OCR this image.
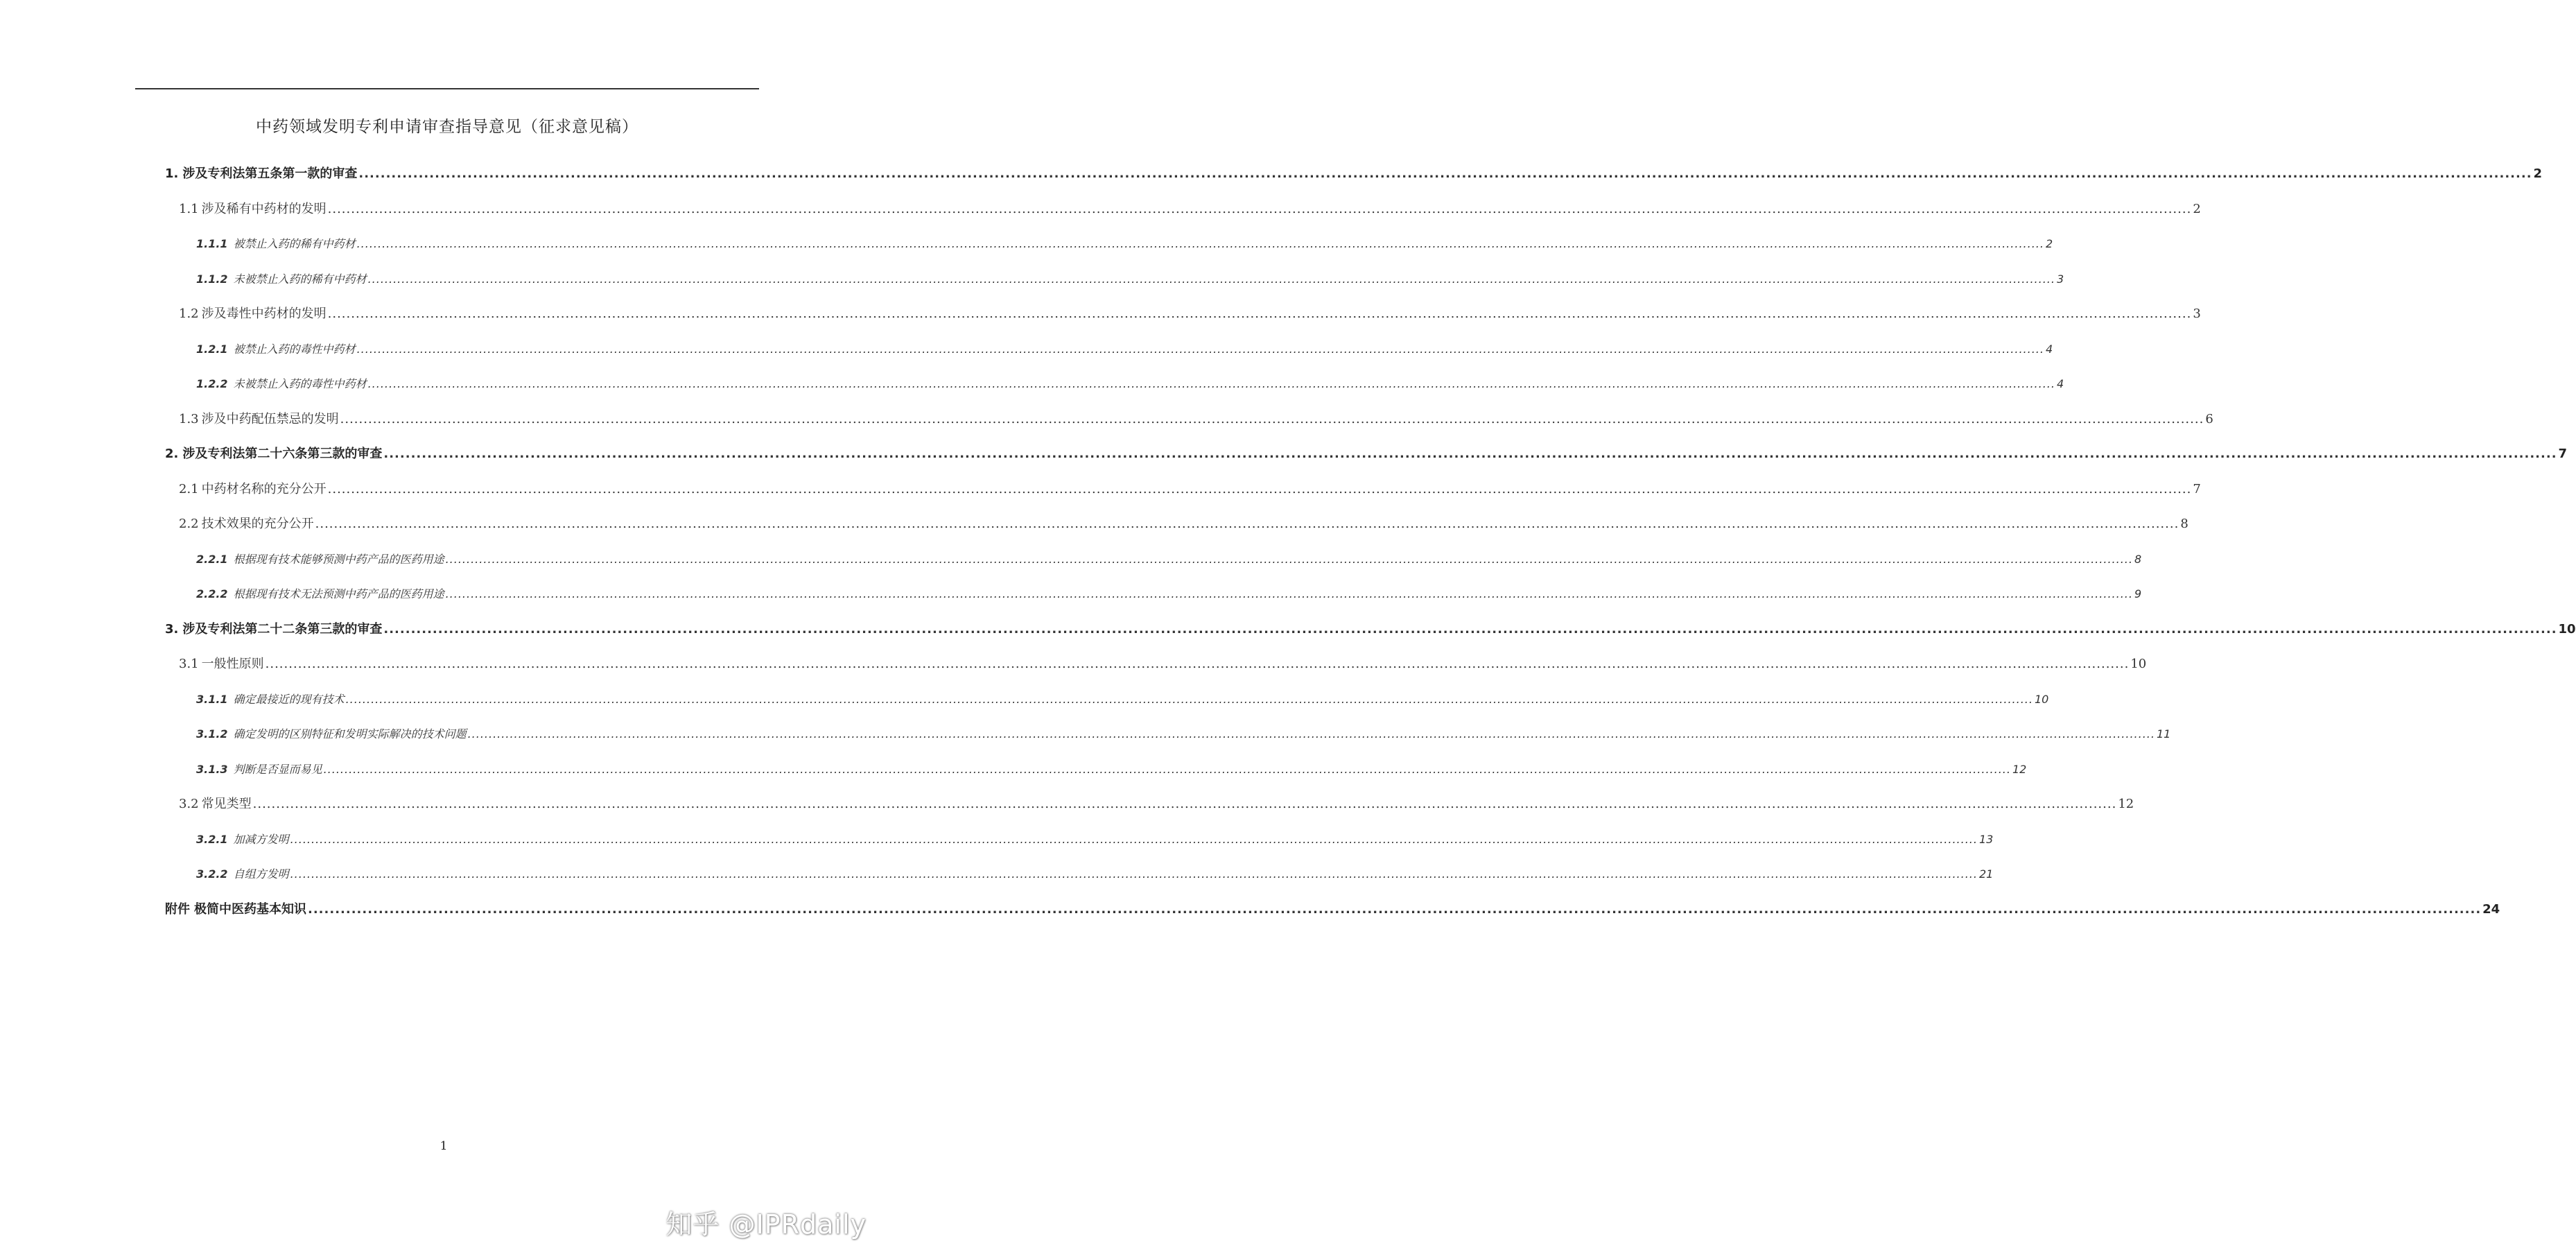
中药领域发明专利申请审查指导意见（征求意见稿）
1. 涉及专利法第五条第一款的审查 ................................................................................................................................................................................................................................................................................................................................................................................................................ 2
1.1 涉及稀有中药材的发明 ................................................................................................................................................................................................................................................................................................................................................................................................................ 2
1.1.1 被禁止入药的稀有中药材 ................................................................................................................................................................................................................................................................................................................................................................................................................ 2
1.1.2 未被禁止入药的稀有中药材 ................................................................................................................................................................................................................................................................................................................................................................................................................ 3
1.2 涉及毒性中药材的发明 ................................................................................................................................................................................................................................................................................................................................................................................................................ 3
1.2.1 被禁止入药的毒性中药材 ................................................................................................................................................................................................................................................................................................................................................................................................................ 4
1.2.2 未被禁止入药的毒性中药材 ................................................................................................................................................................................................................................................................................................................................................................................................................ 4
1.3 涉及中药配伍禁忌的发明 ................................................................................................................................................................................................................................................................................................................................................................................................................ 6
2. 涉及专利法第二十六条第三款的审查 ................................................................................................................................................................................................................................................................................................................................................................................................................ 7
2.1 中药材名称的充分公开 ................................................................................................................................................................................................................................................................................................................................................................................................................ 7
2.2 技术效果的充分公开 ................................................................................................................................................................................................................................................................................................................................................................................................................ 8
2.2.1 根据现有技术能够预测中药产品的医药用途 ................................................................................................................................................................................................................................................................................................................................................................................................................ 8
2.2.2 根据现有技术无法预测中药产品的医药用途 ................................................................................................................................................................................................................................................................................................................................................................................................................ 9
3. 涉及专利法第二十二条第三款的审查 ................................................................................................................................................................................................................................................................................................................................................................................................................ 10
3.1 一般性原则 ................................................................................................................................................................................................................................................................................................................................................................................................................ 10
3.1.1 确定最接近的现有技术 ................................................................................................................................................................................................................................................................................................................................................................................................................ 10
3.1.2 确定发明的区别特征和发明实际解决的技术问题 ................................................................................................................................................................................................................................................................................................................................................................................................................ 11
3.1.3 判断是否显而易见 ................................................................................................................................................................................................................................................................................................................................................................................................................ 12
3.2 常见类型 ................................................................................................................................................................................................................................................................................................................................................................................................................ 12
3.2.1 加减方发明 ................................................................................................................................................................................................................................................................................................................................................................................................................ 13
3.2.2 自组方发明 ................................................................................................................................................................................................................................................................................................................................................................................................................ 21
附件 极简中医药基本知识 ................................................................................................................................................................................................................................................................................................................................................................................................................ 24
1
知乎 @IPRdaily
